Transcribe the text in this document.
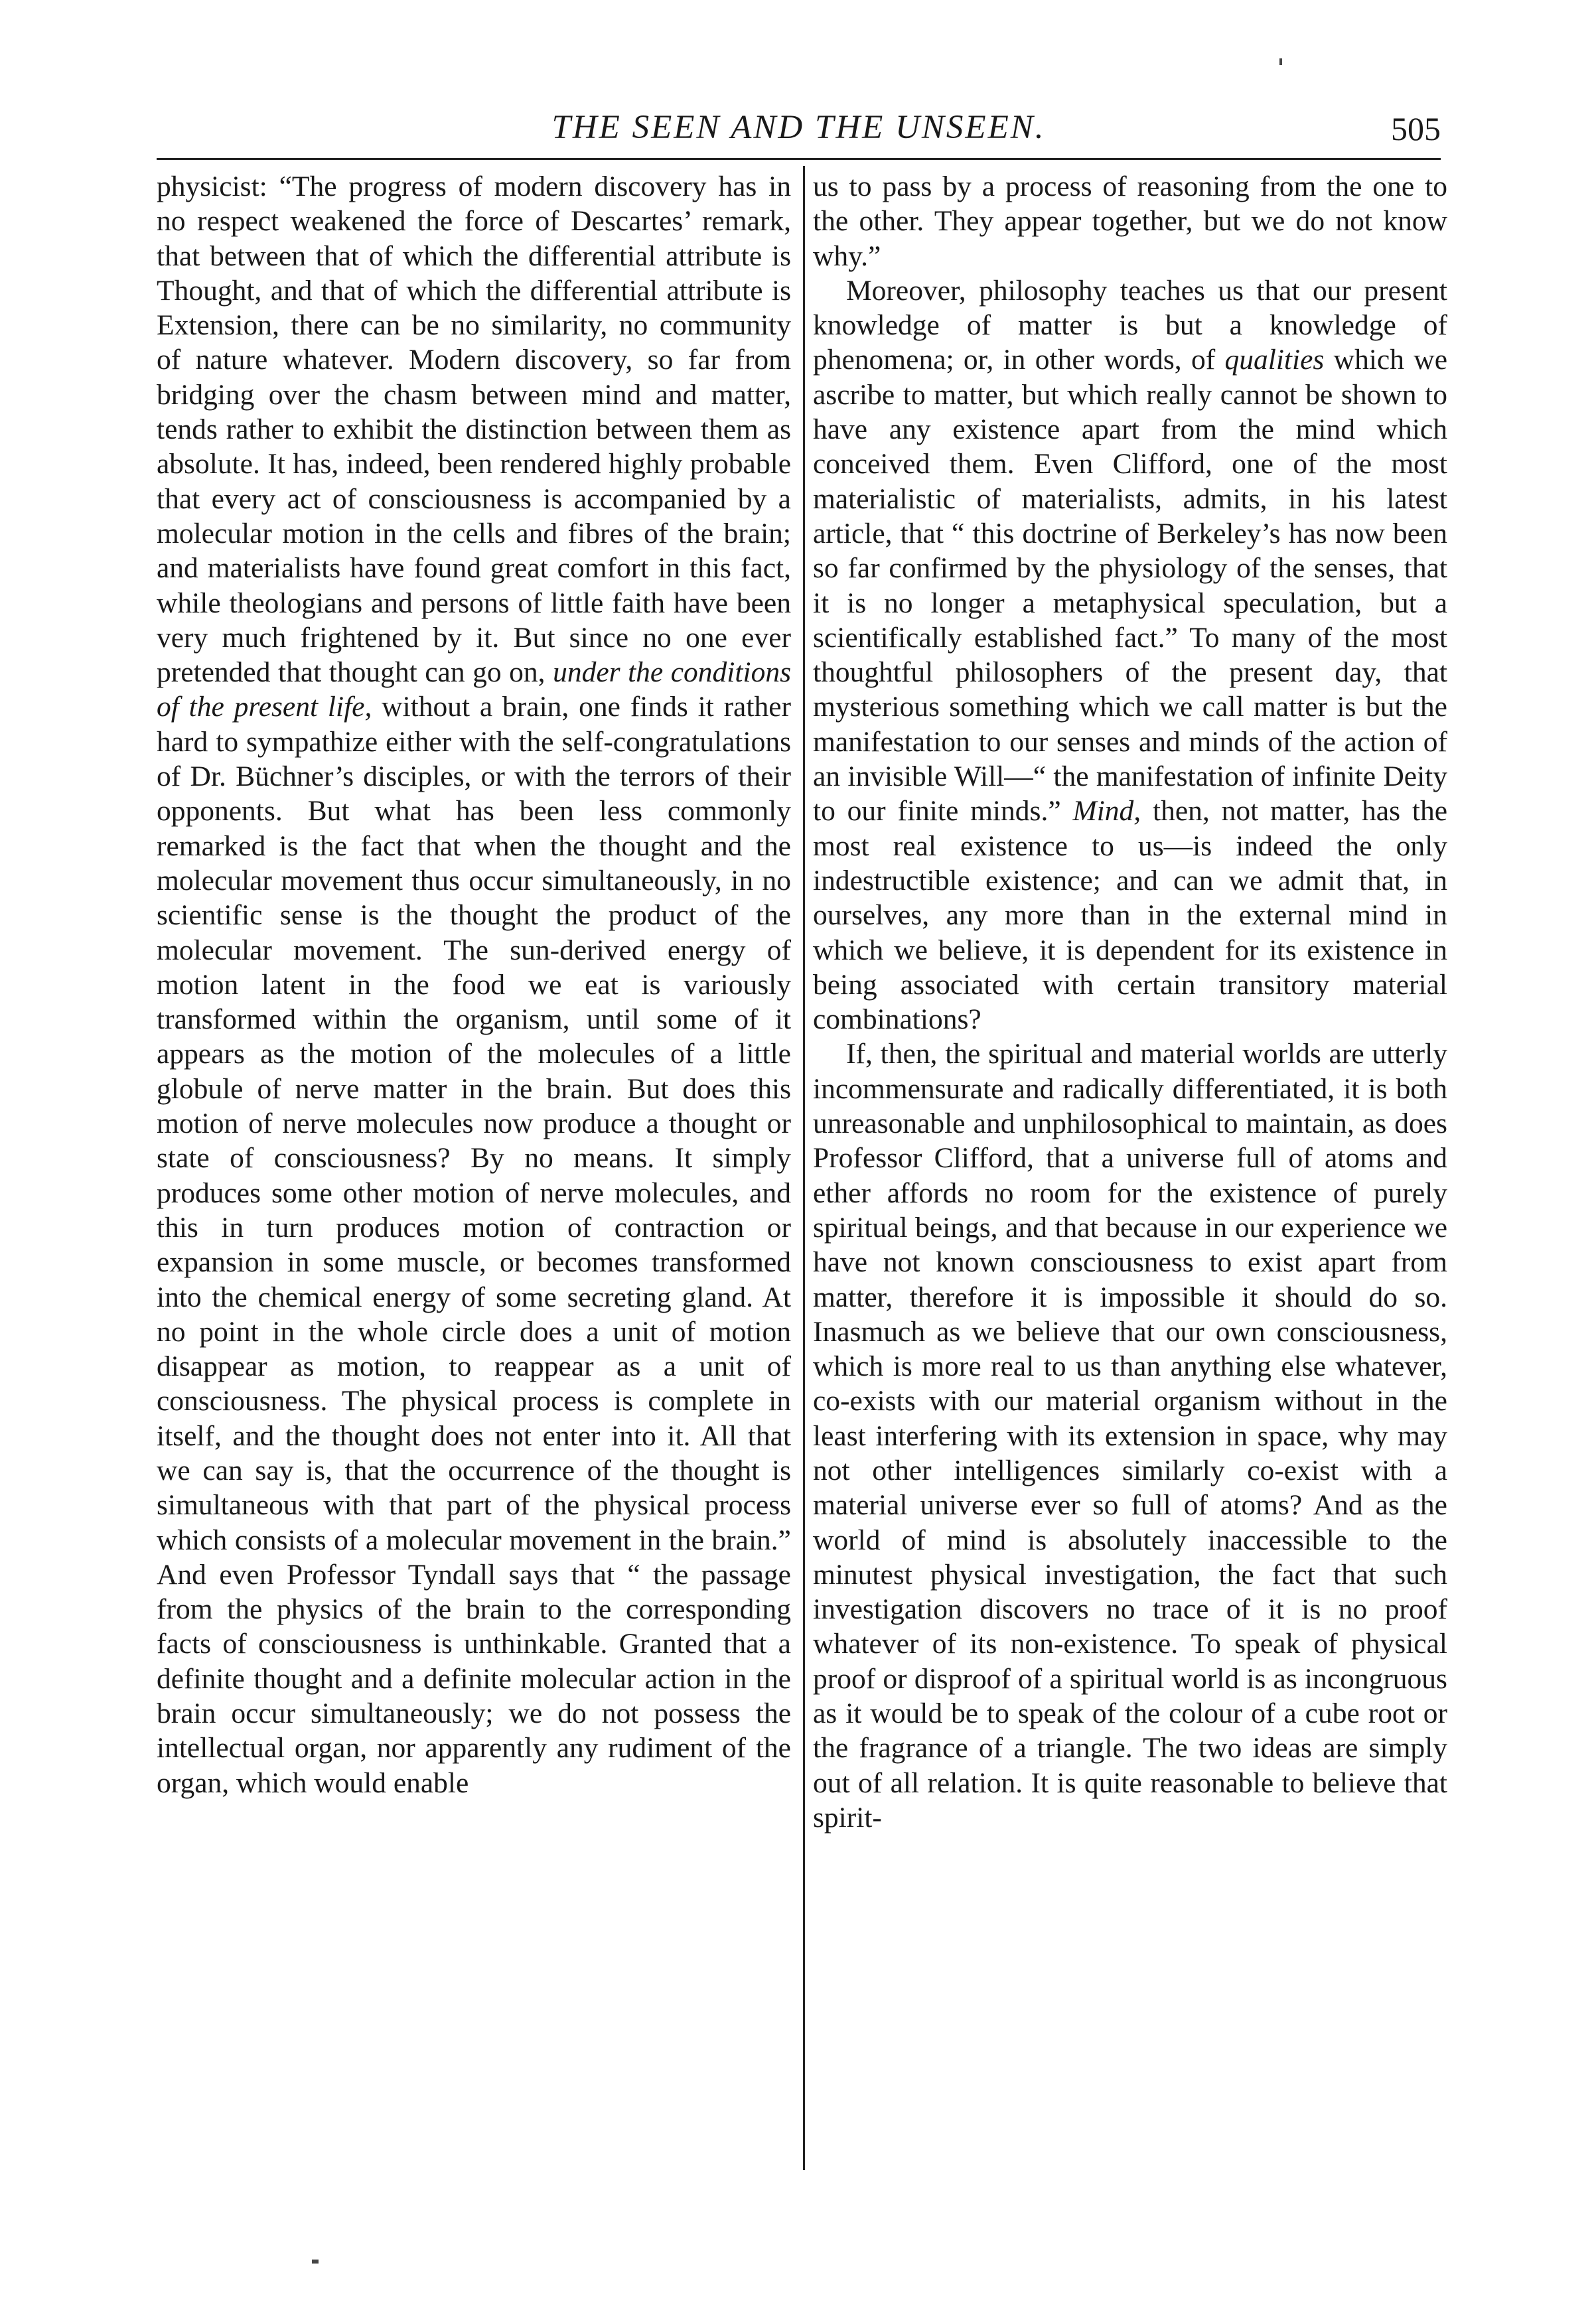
THE SEEN AND THE UNSEEN.	505

physicist: “The progress of modern discovery has in no respect weakened the force of Descartes’ remark, that between that of which the differential attribute is Thought, and that of which the differential attribute is Extension, there can be no similarity, no community of nature whatever. Modern discovery, so far from bridging over the chasm between mind and matter, tends rather to exhibit the distinction between them as absolute. It has, indeed, been rendered highly probable that every act of consciousness is accompanied by a molecular motion in the cells and fibres of the brain; and materialists have found great comfort in this fact, while theologians and persons of little faith have been very much frightened by it. But since no one ever pretended that thought can go on, under the conditions of the present life, without a brain, one finds it rather hard to sympathize either with the self-congratulations of Dr. Büchner’s disciples, or with the terrors of their opponents. But what has been less commonly remarked is the fact that when the thought and the molecular movement thus occur simultaneously, in no scientific sense is the thought the product of the molecular movement. The sun-derived energy of motion latent in the food we eat is variously transformed within the organism, until some of it appears as the motion of the molecules of a little globule of nerve matter in the brain. But does this motion of nerve molecules now produce a thought or state of consciousness? By no means. It simply produces some other motion of nerve molecules, and this in turn produces motion of contraction or expansion in some muscle, or becomes transformed into the chemical energy of some secreting gland. At no point in the whole circle does a unit of motion disappear as motion, to reappear as a unit of consciousness. The physical process is complete in itself, and the thought does not enter into it. All that we can say is, that the occurrence of the thought is simultaneous with that part of the physical process which consists of a molecular movement in the brain.” And even Professor Tyndall says that “ the passage from the physics of the brain to the corresponding facts of consciousness is unthinkable. Granted that a definite thought and a definite molecular action in the brain occur simultaneously; we do not possess the intellectual organ, nor apparently any rudiment of the organ, which would enable

us to pass by a process of reasoning from the one to the other. They appear together, but we do not know why.”

Moreover, philosophy teaches us that our present knowledge of matter is but a knowledge of phenomena; or, in other words, of qualities which we ascribe to matter, but which really cannot be shown to have any existence apart from the mind which conceived them. Even Clifford, one of the most materialistic of materialists, admits, in his latest article, that “ this doctrine of Berkeley’s has now been so far confirmed by the physiology of the senses, that it is no longer a metaphysical speculation, but a scientifically established fact.” To many of the most thoughtful philosophers of the present day, that mysterious something which we call matter is but the manifestation to our senses and minds of the action of an invisible Will—“ the manifestation of infinite Deity to our finite minds.” Mind, then, not matter, has the most real existence to us—is indeed the only indestructible existence; and can we admit that, in ourselves, any more than in the external mind in which we believe, it is dependent for its existence in being associated with certain transitory material combinations?

If, then, the spiritual and material worlds are utterly incommensurate and radically differentiated, it is both unreasonable and unphilosophical to maintain, as does Professor Clifford, that a universe full of atoms and ether affords no room for the existence of purely spiritual beings, and that because in our experience we have not known consciousness to exist apart from matter, therefore it is impossible it should do so. Inasmuch as we believe that our own consciousness, which is more real to us than anything else whatever, co-exists with our material organism without in the least interfering with its extension in space, why may not other intelligences similarly co-exist with a material universe ever so full of atoms? And as the world of mind is absolutely inaccessible to the minutest physical investigation, the fact that such investigation discovers no trace of it is no proof whatever of its non-existence. To speak of physical proof or disproof of a spiritual world is as incongruous as it would be to speak of the colour of a cube root or the fragrance of a triangle. The two ideas are simply out of all relation. It is quite reasonable to believe that spirit-
